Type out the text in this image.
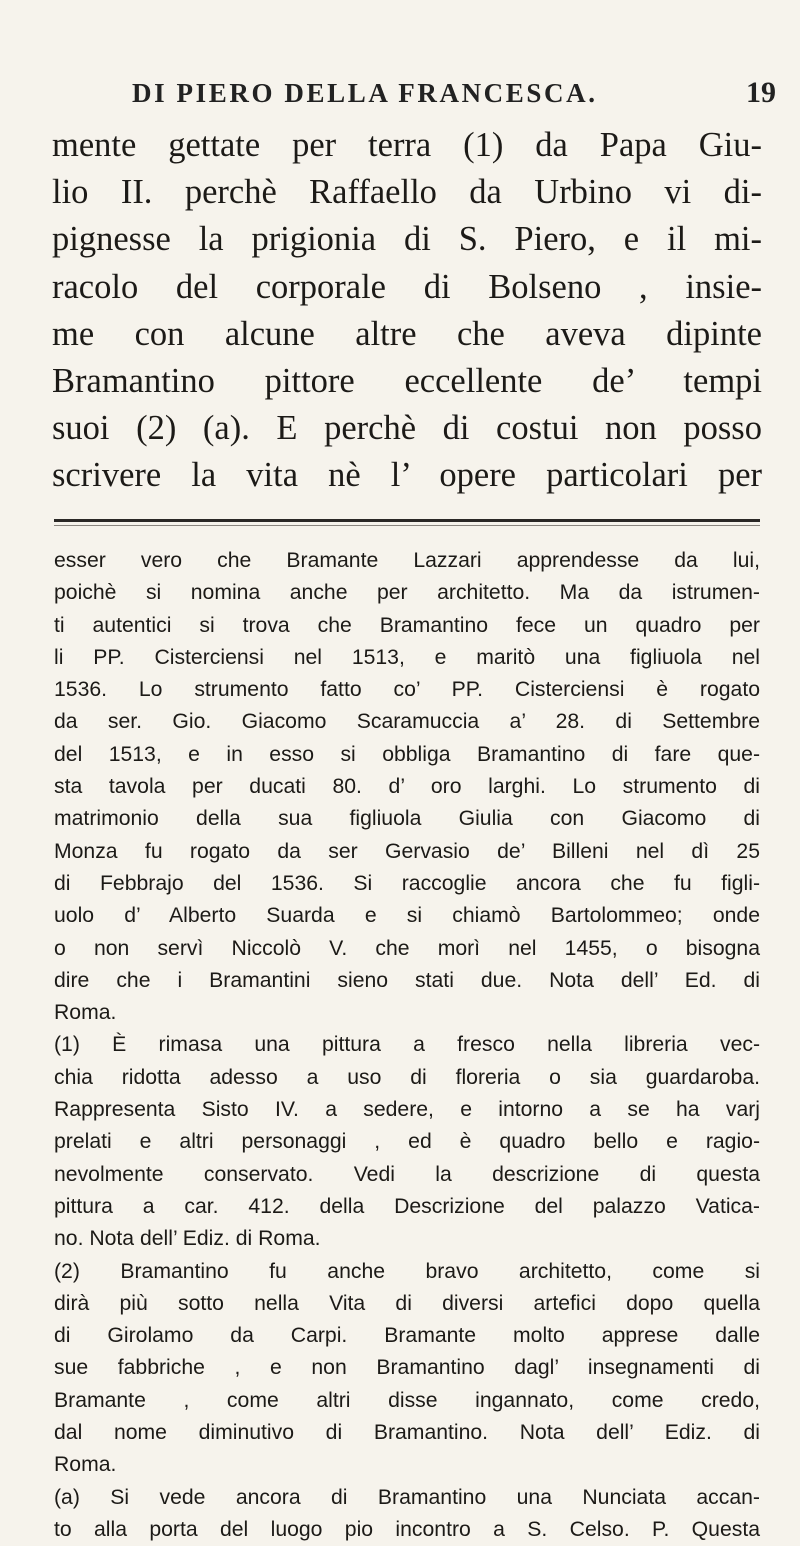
DI PIERO DELLA FRANCESCA.	19
mente gettate per terra (1) da Papa Giu-
lio II. perchè Raffaello da Urbino vi di-
pignesse la prigionia di S. Piero, e il mi-
racolo del corporale di Bolseno , insie-
me con alcune altre che aveva dipinte
Bramantino pittore eccellente de’ tempi
suoi (2) (a). E perchè di costui non posso
scrivere la vita nè l’ opere particolari per
esser vero che Bramante Lazzari apprendesse da lui,
poichè si nomina anche per architetto. Ma da istrumen-
ti autentici si trova che Bramantino fece un quadro per
li PP. Cisterciensi nel 1513, e maritò una figliuola nel
1536. Lo strumento fatto co’ PP. Cisterciensi è rogato
da ser. Gio. Giacomo Scaramuccia a’ 28. di Settembre
del 1513, e in esso si obbliga Bramantino di fare que-
sta tavola per ducati 80. d’ oro larghi. Lo strumento di
matrimonio della sua figliuola Giulia con Giacomo di
Monza fu rogato da ser Gervasio de’ Billeni nel dì 25
di Febbrajo del 1536. Si raccoglie ancora che fu figli-
uolo d’ Alberto Suarda e si chiamò Bartolommeo; onde
o non servì Niccolò V. che morì nel 1455, o bisogna
dire che i Bramantini sieno stati due. Nota dell’ Ed. di
Roma.
(1) È rimasa una pittura a fresco nella libreria vec-
chia ridotta adesso a uso di floreria o sia guardaroba.
Rappresenta Sisto IV. a sedere, e intorno a se ha varj
prelati e altri personaggi , ed è quadro bello e ragio-
nevolmente conservato. Vedi la descrizione di questa
pittura a car. 412. della Descrizione del palazzo Vatica-
no. Nota dell’ Ediz. di Roma.
(2) Bramantino fu anche bravo architetto, come si
dirà più sotto nella Vita di diversi artefici dopo quella
di Girolamo da Carpi. Bramante molto apprese dalle
sue fabbriche , e non Bramantino dagl’ insegnamenti di
Bramante , come altri disse ingannato, come credo,
dal nome diminutivo di Bramantino. Nota dell’ Ediz. di
Roma.
(a) Si vede ancora di Bramantino una Nunciata accan-
to alla porta del luogo pio incontro a S. Celso. P. Questa
